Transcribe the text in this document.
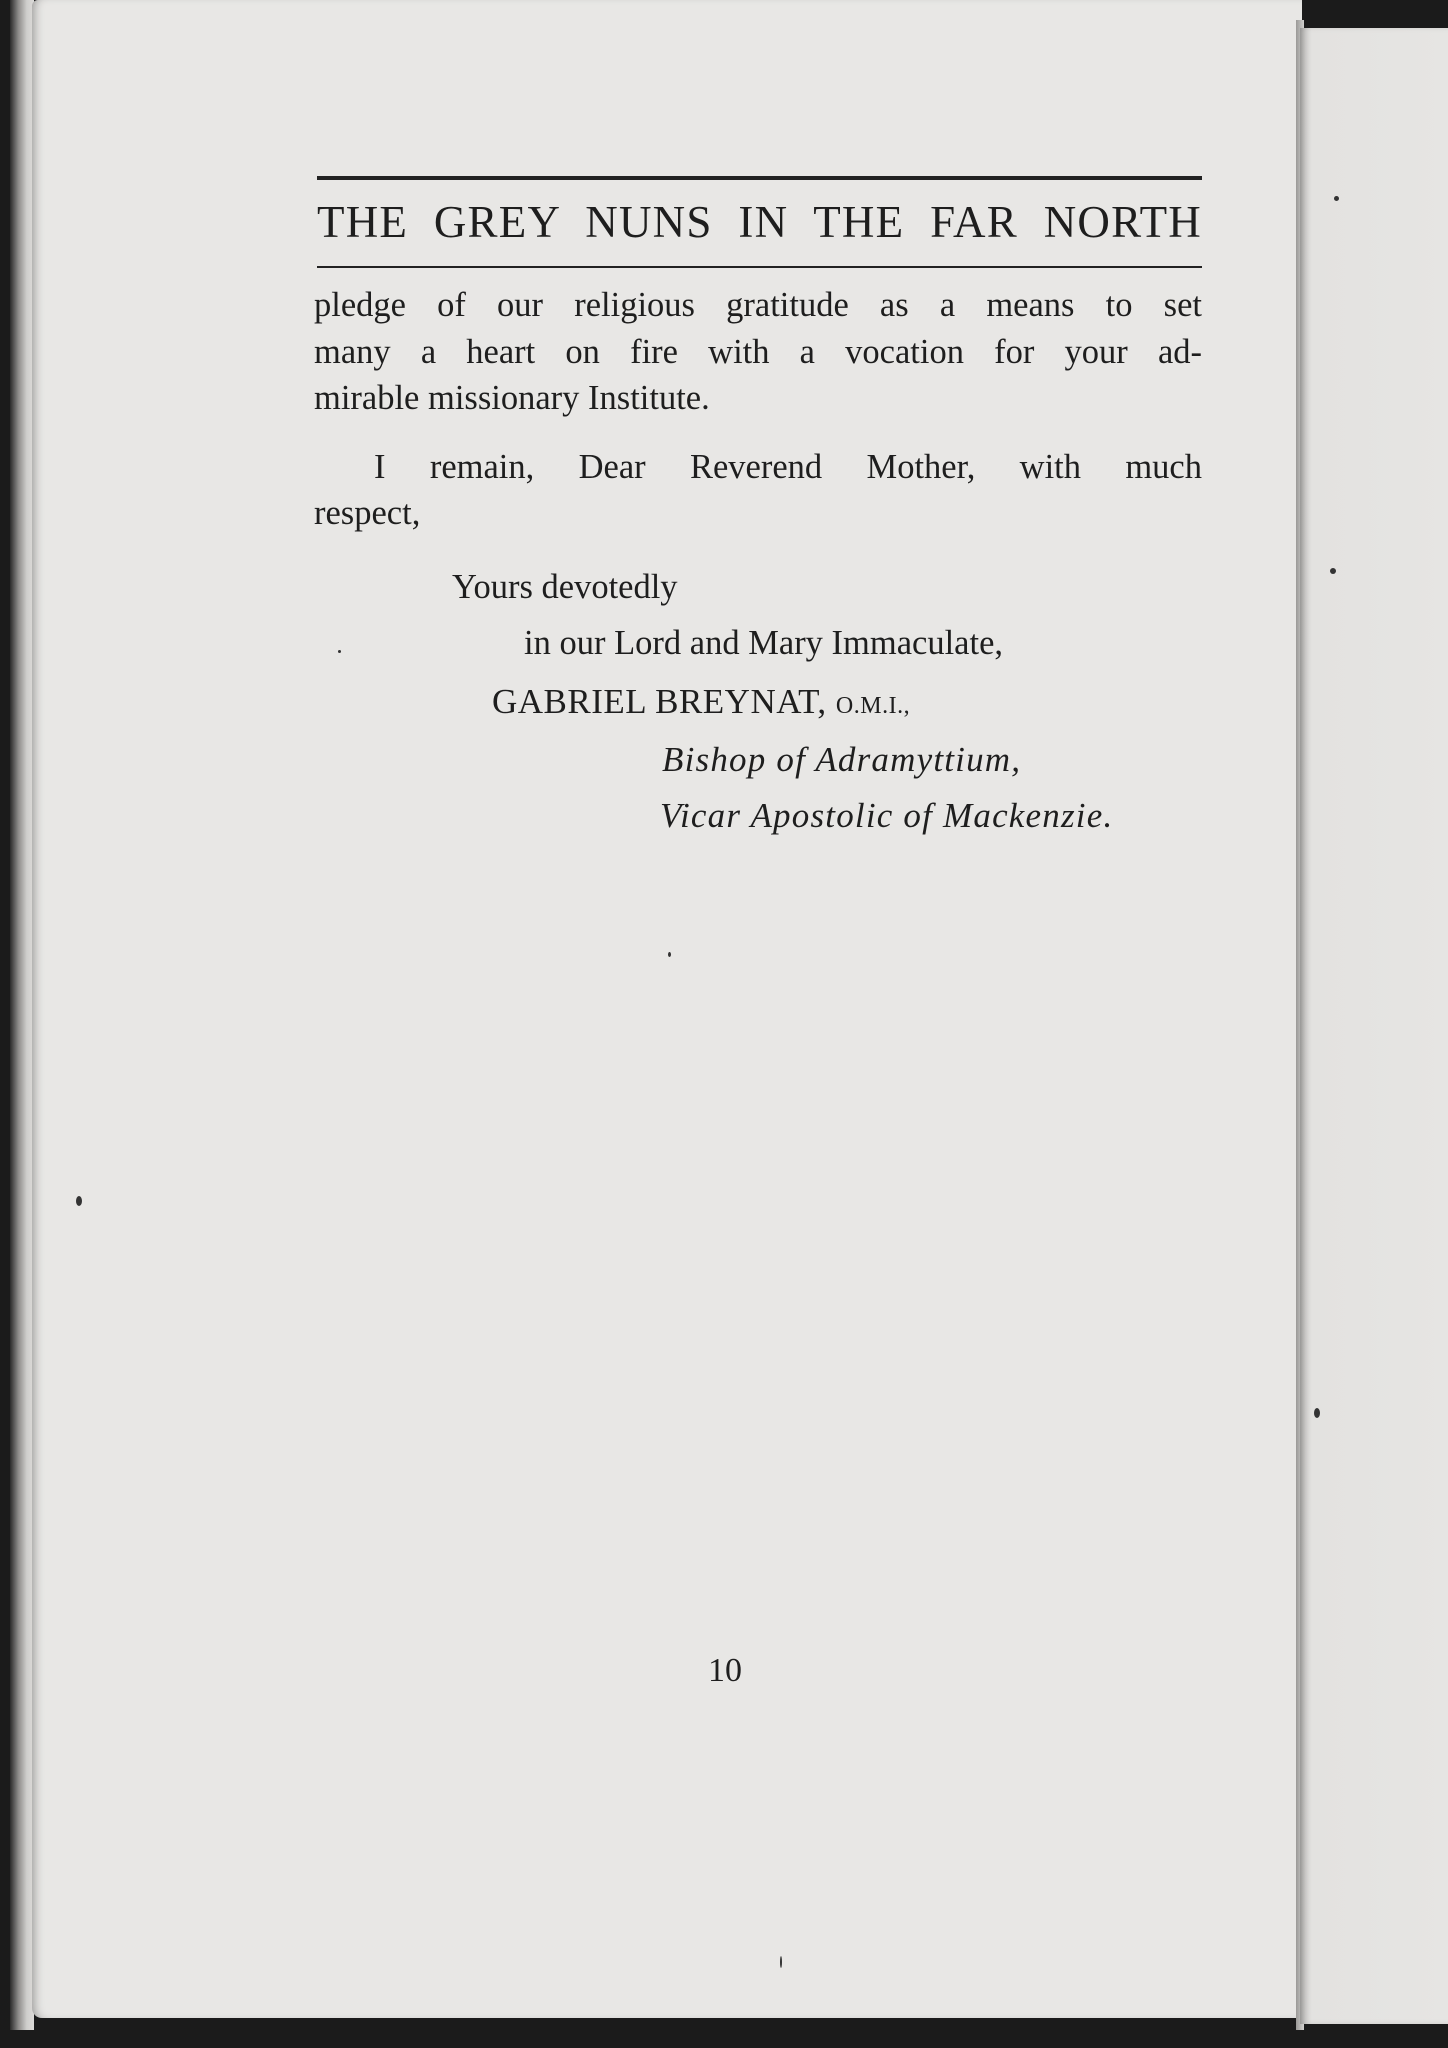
THE GREY NUNS IN THE FAR NORTH
pledge of our religious gratitude as a means to set
many a heart on fire with a vocation for your ad-
mirable missionary Institute.
I remain, Dear Reverend Mother, with much
respect,
Yours devotedly
in our Lord and Mary Immaculate,
GABRIEL BREYNAT, O.M.I.,
Bishop of Adramyttium,
Vicar Apostolic of Mackenzie.
10
